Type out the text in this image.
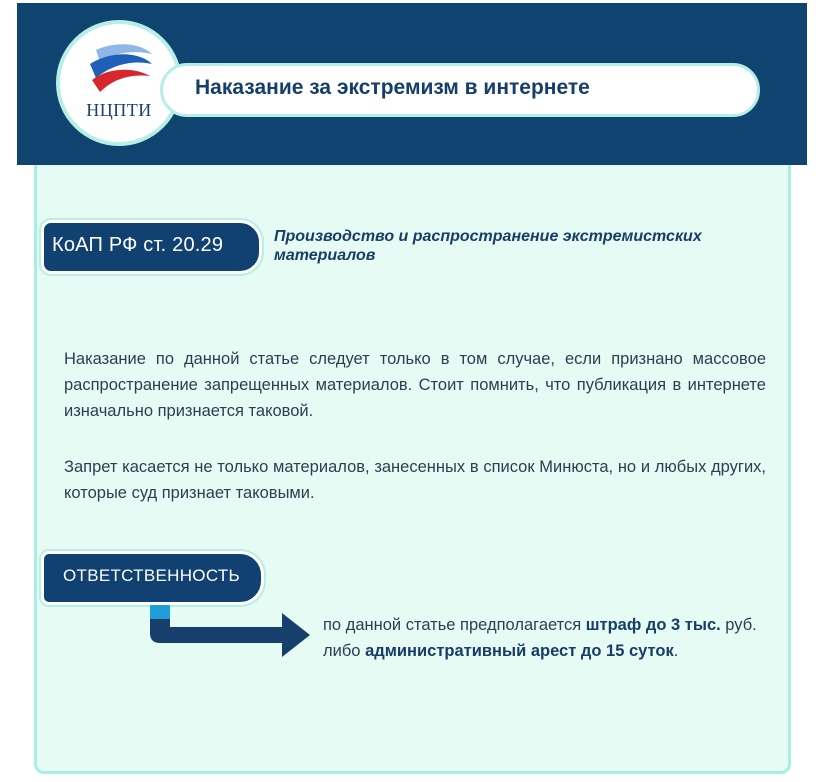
НЦПТИ
Наказание за экстремизм в интернете
КоАП РФ ст. 20.29	Производство и распространение экстремистских материалов
Наказание по данной статье следует только в том случае, если признано массовое распространение запрещенных материалов. Стоит помнить, что публикация в интернете изначально признается таковой.
Запрет касается не только материалов, занесенных в список Минюста, но и любых других, которые суд признает таковыми.
ОТВЕТСТВЕННОСТЬ
по данной статье предполагается штраф до 3 тыс. руб. либо административный арест до 15 суток.
